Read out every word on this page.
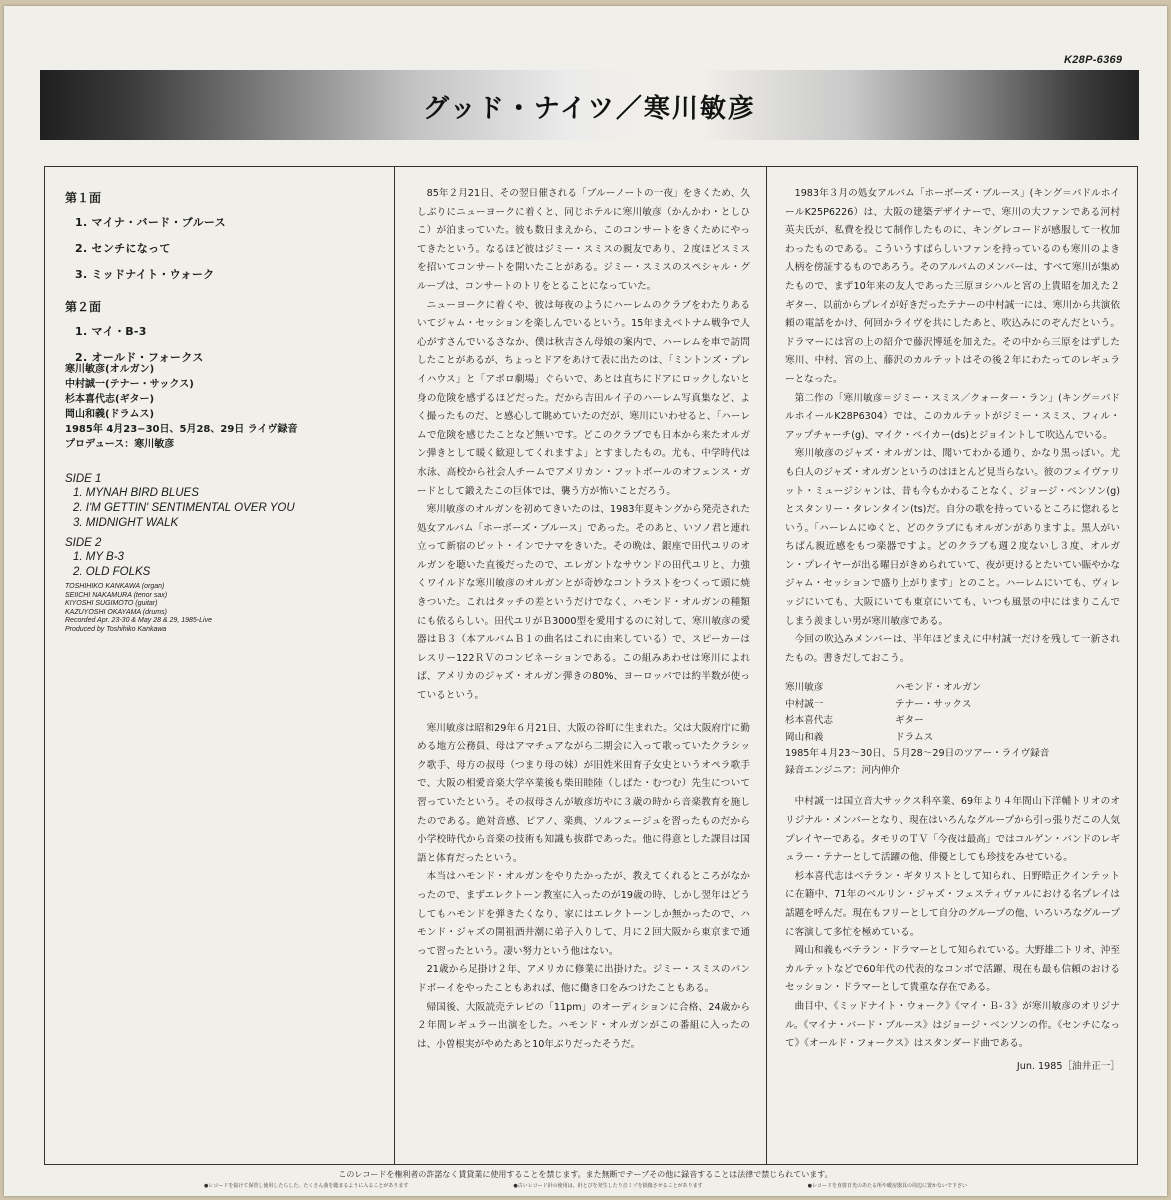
K28P-6369
グッド・ナイツ／寒川敏彦
第１面
1. マイナ・バード・ブルース
2. センチになって
3. ミッドナイト・ウォーク
第２面
1. マイ・B-3
2. オールド・フォークス
寒川敏彦(オルガン)
中村誠一(テナー・サックス)
杉本喜代志(ギター)
岡山和義(ドラムス)
1985年 4月23−30日、5月28、29日 ライヴ録音
プロデュース：寒川敏彦
SIDE 1
1. MYNAH BIRD BLUES
2. I'M GETTIN' SENTIMENTAL OVER YOU
3. MIDNIGHT WALK
SIDE 2
1. MY B-3
2. OLD FOLKS
TOSHIHIKO KANKAWA (organ)
SEIICHI NAKAMURA (tenor sax)
KIYOSHI SUGIMOTO (guitar)
KAZUYOSHI OKAYAMA (drums)
Recorded Apr. 23-30 & May 28 & 29, 1985-Live
Produced by Toshihiko Kankawa

85年２月21日、その翌日催される「ブルーノートの一夜」をきくため、久しぶりにニューヨークに着くと、同じホテルに寒川敏彦（かんかわ・としひこ）が泊まっていた。彼も数日まえから、このコンサートをきくためにやってきたという。なるほど彼はジミー・スミスの親友であり、２度ほどスミスを招いてコンサートを開いたことがある。ジミー・スミスのスペシャル・グループは、コンサートのトリをとることになっていた。

ニューヨークに着くや、彼は毎夜のようにハーレムのクラブをわたりあるいてジャム・セッションを楽しんでいるという。15年まえベトナム戦争で人心がすさんでいるさなか、僕は秋吉さん母娘の案内で、ハーレムを車で訪問したことがあるが、ちょっとドアをあけて表に出たのは、「ミントンズ・プレイハウス」と「アポロ劇場」ぐらいで、あとは直ちにドアにロックしないと身の危険を感ずるほどだった。だから吉田ルイ子のハーレム写真集など、よく撮ったものだ、と感心して眺めていたのだが、寒川にいわせると、「ハーレムで危険を感じたことなど無いです。どこのクラブでも日本から来たオルガン弾きとして暖く歓迎してくれますよ」とすましたもの。尤も、中学時代は水泳、高校から社会人チームでアメリカン・フットボールのオフェンス・ガードとして鍛えたこの巨体では、襲う方が怖いことだろう。

寒川敏彦のオルガンを初めてきいたのは、1983年夏キングから発売された処女アルバム「ホーボーズ・ブルース」であった。そのあと、いソノ君と連れ立って新宿のピット・インでナマをきいた。その晩は、銀座で田代ユリのオルガンを聴いた直後だったので、エレガントなサウンドの田代ユリと、力強くワイルドな寒川敏彦のオルガンとが奇妙なコントラストをつくって頭に焼きついた。これはタッチの差というだけでなく、ハモンド・オルガンの種類にも依るらしい。田代ユリがＢ3000型を愛用するのに対して、寒川敏彦の愛器はＢ３（本アルバムＢ１の曲名はこれに由来している）で、スピーカーはレスリー122ＲＶのコンビネーションである。この組みあわせは寒川によれば、アメリカのジャズ・オルガン弾きの80%、ヨーロッパでは約半数が使っているという。

寒川敏彦は昭和29年６月21日、大阪の谷町に生まれた。父は大阪府庁に勤める地方公務員、母はアマチュアながら二期会に入って歌っていたクラシック歌手、母方の叔母（つまり母の妹）が旧姓米田育子女史というオペラ歌手で、大阪の相愛音楽大学卒業後も柴田睦陸（しばた・むつむ）先生について習っていたという。その叔母さんが敏彦坊やに３歳の時から音楽教育を施したのである。絶対音感、ピアノ、楽典、ソルフェージュを習ったものだから小学校時代から音楽の技術も知識も抜群であった。他に得意とした課目は国語と体育だったという。

本当はハモンド・オルガンをやりたかったが、教えてくれるところがなかったので、まずエレクトーン教室に入ったのが19歳の時、しかし翌年はどうしてもハモンドを弾きたくなり、家にはエレクトーンしか無かったので、ハモンド・ジャズの開祖酒井潮に弟子入りして、月に２回大阪から東京まで通って習ったという。凄い努力という他はない。

21歳から足掛け２年、アメリカに修業に出掛けた。ジミー・スミスのバンドボーイをやったこともあれば、他に働き口をみつけたこともある。

帰国後、大阪読売テレビの「11pm」のオーディションに合格、24歳から２年間レギュラー出演をした。ハモンド・オルガンがこの番組に入ったのは、小曽根実がやめたあと10年ぶりだったそうだ。

1983年３月の処女アルバム「ホーボーズ・ブルース」(キング＝パドルホイールK25P6226）は、大阪の建築デザイナーで、寒川の大ファンである河村英夫氏が、私費を投じて制作したものに、キングレコードが感服して一枚加わったものである。こういうすばらしいファンを持っているのも寒川のよき人柄を傍証するものであろう。そのアルバムのメンバーは、すべて寒川が集めたもので、まず10年来の友人であった三原ヨシハルと宮の上貴昭を加えた２ギター、以前からプレイが好きだったテナーの中村誠一には、寒川から共演依頼の電話をかけ、何回かライヴを共にしたあと、吹込みにのぞんだという。ドラマーには宮の上の紹介で藤沢博延を加えた。その中から三原をはずした寒川、中村、宮の上、藤沢のカルテットはその後２年にわたってのレギュラーとなった。

第二作の「寒川敏彦＝ジミー・スミス／クォーター・ラン」(キング＝パドルホイールK28P6304）では、このカルテットがジミー・スミス、フィル・アップチャーチ(g)、マイク・ベイカー(ds)とジョイントして吹込んでいる。

寒川敏彦のジャズ・オルガンは、聞いてわかる通り、かなり黒っぽい。尤も白人のジャズ・オルガンというのはほとんど見当らない。彼のフェイヴァリット・ミュージシャンは、昔も今もかわることなく、ジョージ・ベンソン(g)とスタンリー・タレンタイン(ts)だ。自分の歌を持っているところに惚れるという。「ハーレムにゆくと、どのクラブにもオルガンがありますよ。黒人がいちばん親近感をもつ楽器ですよ。どのクラブも週２度ないし３度、オルガン・プレイヤーが出る曜日がきめられていて、夜が更けるとたいてい賑やかなジャム・セッションで盛り上がります」とのこと。ハーレムにいても、ヴィレッジにいても、大阪にいても東京にいても、いつも風景の中にはまりこんでしまう羨ましい男が寒川敏彦である。

今回の吹込みメンバーは、半年ほどまえに中村誠一だけを残して一新されたもの。書きだしておこう。

寒川敏彦	ハモンド・オルガン
中村誠一	テナー・サックス
杉本喜代志	ギター
岡山和義	ドラムス
1985年４月23〜30日、５月28〜29日のツアー・ライヴ録音
録音エンジニア：河内伸介

中村誠一は国立音大サックス科卒業、69年より４年間山下洋輔トリオのオリジナル・メンバーとなり、現在はいろんなグループから引っ張りだこの人気プレイヤーである。タモリのＴＶ「今夜は最高」ではコルゲン・バンドのレギュラー・テナーとして活躍の他、俳優としても珍技をみせている。

杉本喜代志はベテラン・ギタリストとして知られ、日野晧正クインテットに在籍中、71年のベルリン・ジャズ・フェスティヴァルにおける名プレイは話題を呼んだ。現在もフリーとして自分のグループの他、いろいろなグループに客演して多忙を極めている。

岡山和義もベテラン・ドラマーとして知られている。大野雄二トリオ、沖至カルテットなどで60年代の代表的なコンボで活躍、現在も最も信頼のおけるセッション・ドラマーとして貴重な存在である。

曲目中、《ミッドナイト・ウォーク》《マイ・Ｂ-３》が寒川敏彦のオリジナル。《マイナ・バード・ブルース》はジョージ・ベンソンの作。《センチになって》《オールド・フォークス》はスタンダード曲である。

Jun. 1985［油井正一］
このレコードを権利者の許諾なく賃貸業に使用することを禁じます。また無断でテープその他に録音することは法律で禁じられています。
●レコードを抜けて保管し使用したらした、たくさん曲を聴まるように入ることがあります	●古いレコード針の使用は、針とびを発生したり音ミゾを損傷させることがあります	●レコードを直射日光のあたる所や暖房器具の周辺に置かないで下さい
